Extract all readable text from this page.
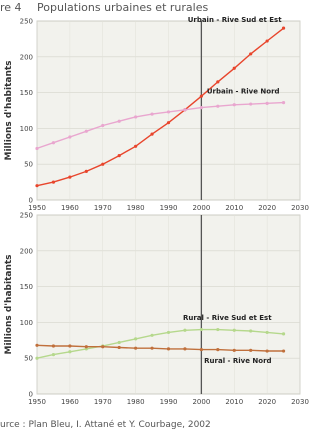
re 4 Populations urbaines et rurales
0
50
100
150
200
250
1950 1960 1970 1980 1990 2000 2010 2020 2030
Millions d'habitants
Urbain - Rive Sud et Est
Urbain - Rive Nord
0
50
100
150
200
250
1950 1960 1970 1980 1990 2000 2010 2020 2030
Millions d'habitants	Rural - Rive Sud et Est
Rural - Rive Nord
urce : Plan Bleu, I. Attané et Y. Courbage, 2002
